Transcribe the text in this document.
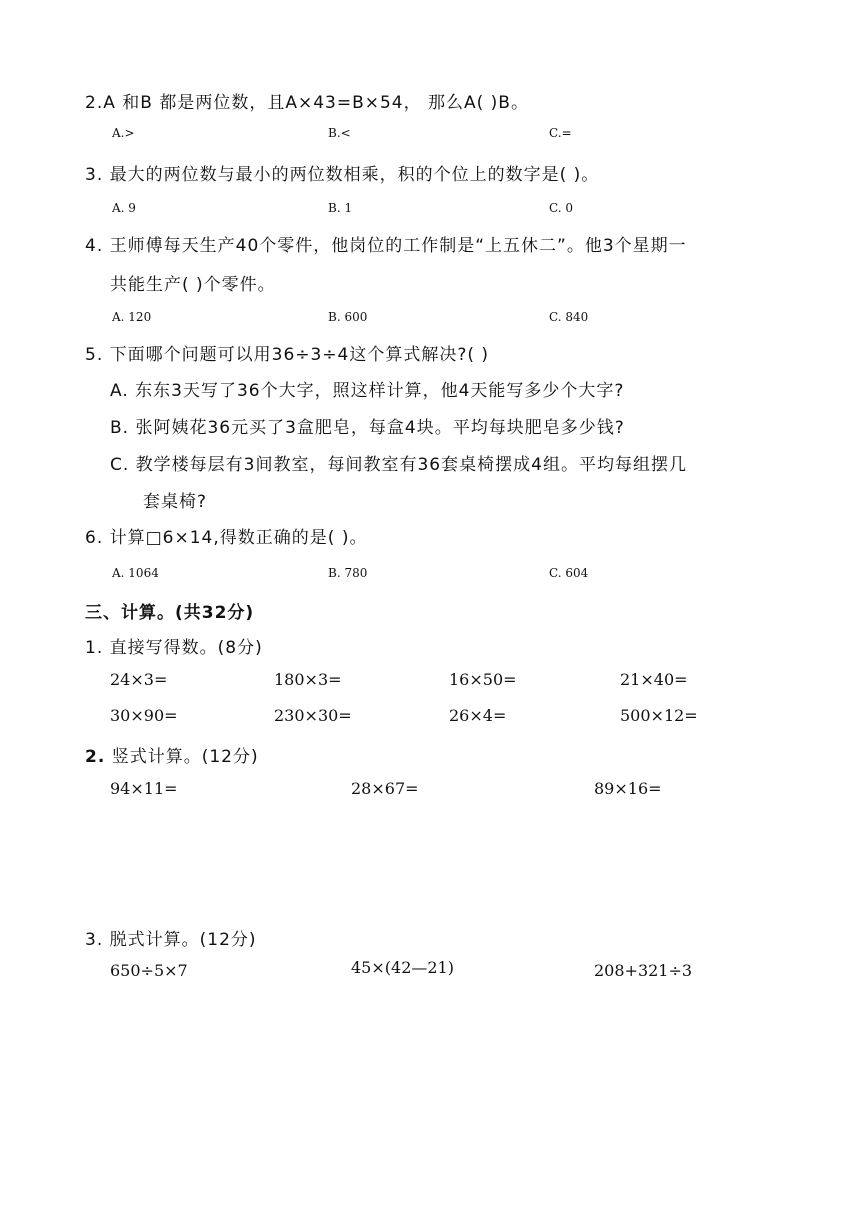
2.A 和B 都是两位数，且A×43=B×54， 那么A( )B。
A.>	B.<	C.=
3. 最大的两位数与最小的两位数相乘，积的个位上的数字是( )。
A. 9	B. 1	C. 0
4. 王师傅每天生产40个零件，他岗位的工作制是“上五休二”。他3个星期一
共能生产( )个零件。
A. 120	B. 600	C. 840
5. 下面哪个问题可以用36÷3÷4这个算式解决?( )
A. 东东3天写了36个大字，照这样计算，他4天能写多少个大字?
B. 张阿姨花36元买了3盒肥皂，每盒4块。平均每块肥皂多少钱?
C. 教学楼每层有3间教室，每间教室有36套桌椅摆成4组。平均每组摆几
套桌椅?
6. 计算□6×14,得数正确的是( )。
A. 1064	B. 780	C. 604
三、计算。(共32分)
1. 直接写得数。(8分)
24×3=	180×3=	16×50=	21×40=
30×90=	230×30=	26×4=	500×12=
2. 竖式计算。(12分)
94×11=	28×67=	89×16=
3. 脱式计算。(12分)
650÷5×7	45×(42—21)	208+321÷3
